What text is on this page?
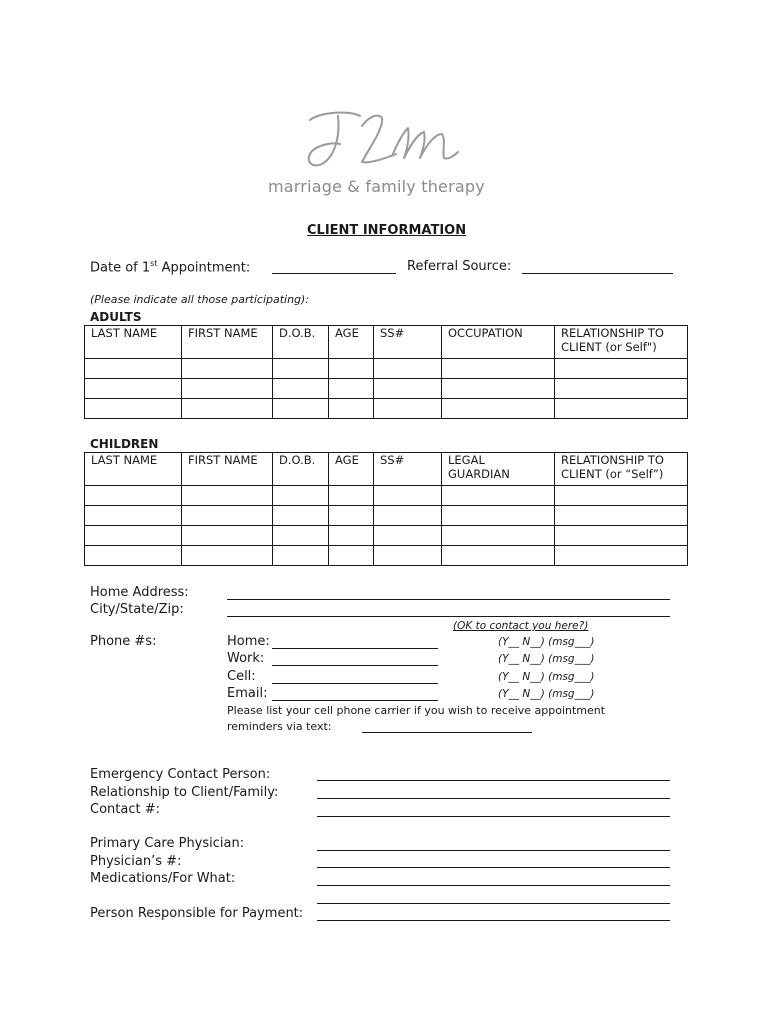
marriage & family therapy
CLIENT INFORMATION
Date of 1st Appointment:	Referral Source:
(Please indicate all those participating):
ADULTS
LAST NAME	FIRST NAME	D.O.B.	AGE	SS#	OCCUPATION	RELATIONSHIP TO CLIENT (or Self")

CHILDREN
LAST NAME	FIRST NAME	D.O.B.	AGE	SS#	LEGAL GUARDIAN	RELATIONSHIP TO CLIENT (or “Self”)

Home Address:
City/State/Zip:
(OK to contact you here?)
Phone #s:	Home:	(Y__ N__) (msg___)
Work:	(Y__ N__) (msg___)
Cell:	(Y__ N__) (msg___)
Email:	(Y__ N__) (msg___)
Please list your cell phone carrier if you wish to receive appointment
reminders via text:
Emergency Contact Person:
Relationship to Client/Family:
Contact #:
Primary Care Physician:
Physician’s #:
Medications/For What:
Person Responsible for Payment:
